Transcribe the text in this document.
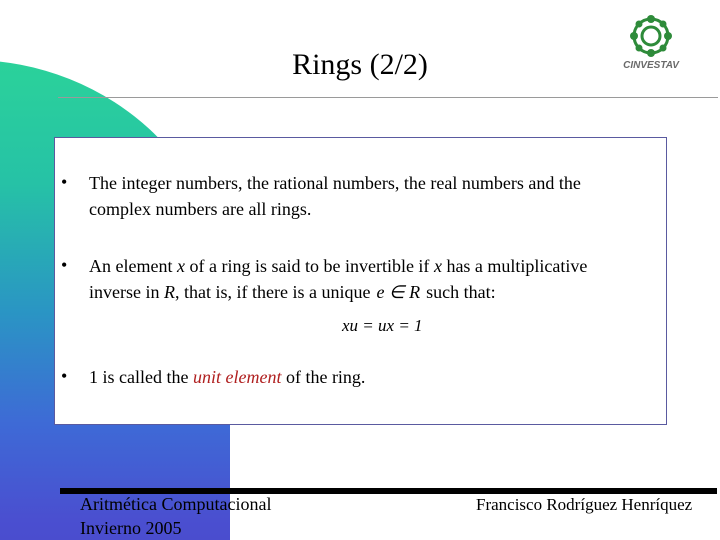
Rings (2/2)	CINVESTAV
• The integer numbers, the rational numbers, the real numbers and the
complex numbers are all rings.
• An element x of a ring is said to be invertible if x has a multiplicative
inverse in R, that is, if there is a unique e ∈ R such that:
xu = ux = 1
• 1 is called the unit element of the ring.
Aritmética Computacional
Invierno 2005
Francisco Rodríguez Henríquez
